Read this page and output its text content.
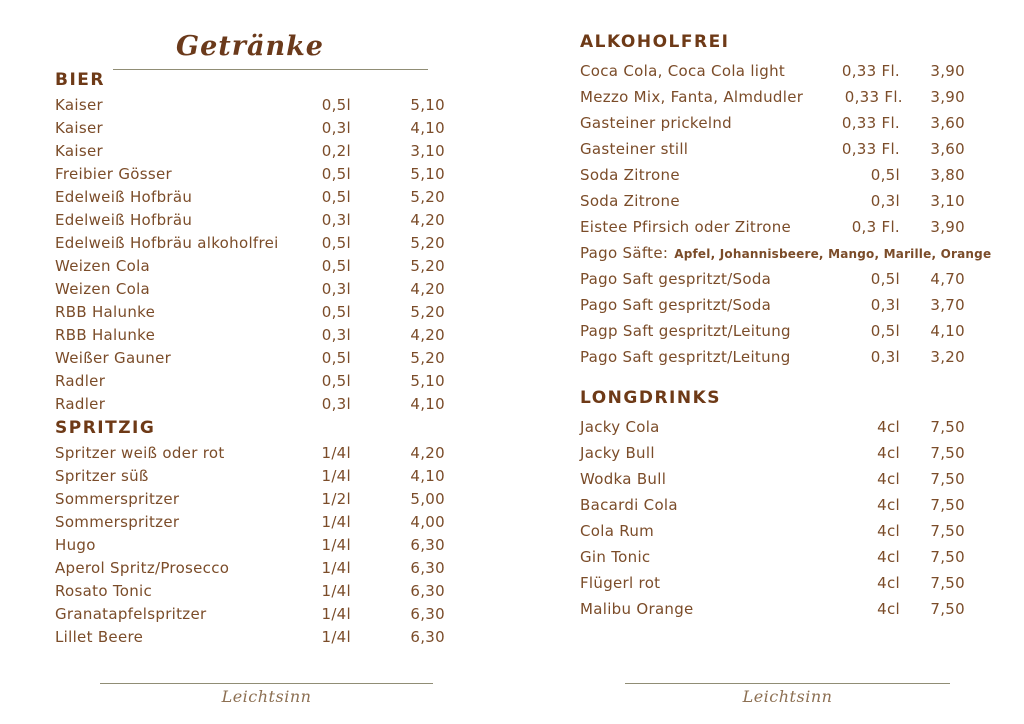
Getränke
BIER
Kaiser	0,5l	5,10
Kaiser	0,3l	4,10
Kaiser	0,2l	3,10
Freibier Gösser	0,5l	5,10
Edelweiß Hofbräu	0,5l	5,20
Edelweiß Hofbräu	0,3l	4,20
Edelweiß Hofbräu alkoholfrei	0,5l	5,20
Weizen Cola	0,5l	5,20
Weizen Cola	0,3l	4,20
RBB Halunke	0,5l	5,20
RBB Halunke	0,3l	4,20
Weißer Gauner	0,5l	5,20
Radler	0,5l	5,10
Radler	0,3l	4,10
SPRITZIG
Spritzer weiß oder rot	1/4l	4,20
Spritzer süß	1/4l	4,10
Sommerspritzer	1/2l	5,00
Sommerspritzer	1/4l	4,00
Hugo	1/4l	6,30
Aperol Spritz/Prosecco	1/4l	6,30
Rosato Tonic	1/4l	6,30
Granatapfelspritzer	1/4l	6,30
Lillet Beere	1/4l	6,30
ALKOHOLFREI
Coca Cola, Coca Cola light	0,33 Fl.	3,90
Mezzo Mix, Fanta, Almdudler	0,33 Fl.	3,90
Gasteiner prickelnd	0,33 Fl.	3,60
Gasteiner still	0,33 Fl.	3,60
Soda Zitrone	0,5l	3,80
Soda Zitrone	0,3l	3,10
Eistee Pfirsich oder Zitrone	0,3 Fl.	3,90
Pago Säfte: Apfel, Johannisbeere, Mango, Marille, Orange
Pago Saft gespritzt/Soda	0,5l	4,70
Pago Saft gespritzt/Soda	0,3l	3,70
Pagp Saft gespritzt/Leitung	0,5l	4,10
Pago Saft gespritzt/Leitung	0,3l	3,20
LONGDRINKS
Jacky Cola	4cl	7,50
Jacky Bull	4cl	7,50
Wodka Bull	4cl	7,50
Bacardi Cola	4cl	7,50
Cola Rum	4cl	7,50
Gin Tonic	4cl	7,50
Flügerl rot	4cl	7,50
Malibu Orange	4cl	7,50
Leichtsinn	Leichtsinn
